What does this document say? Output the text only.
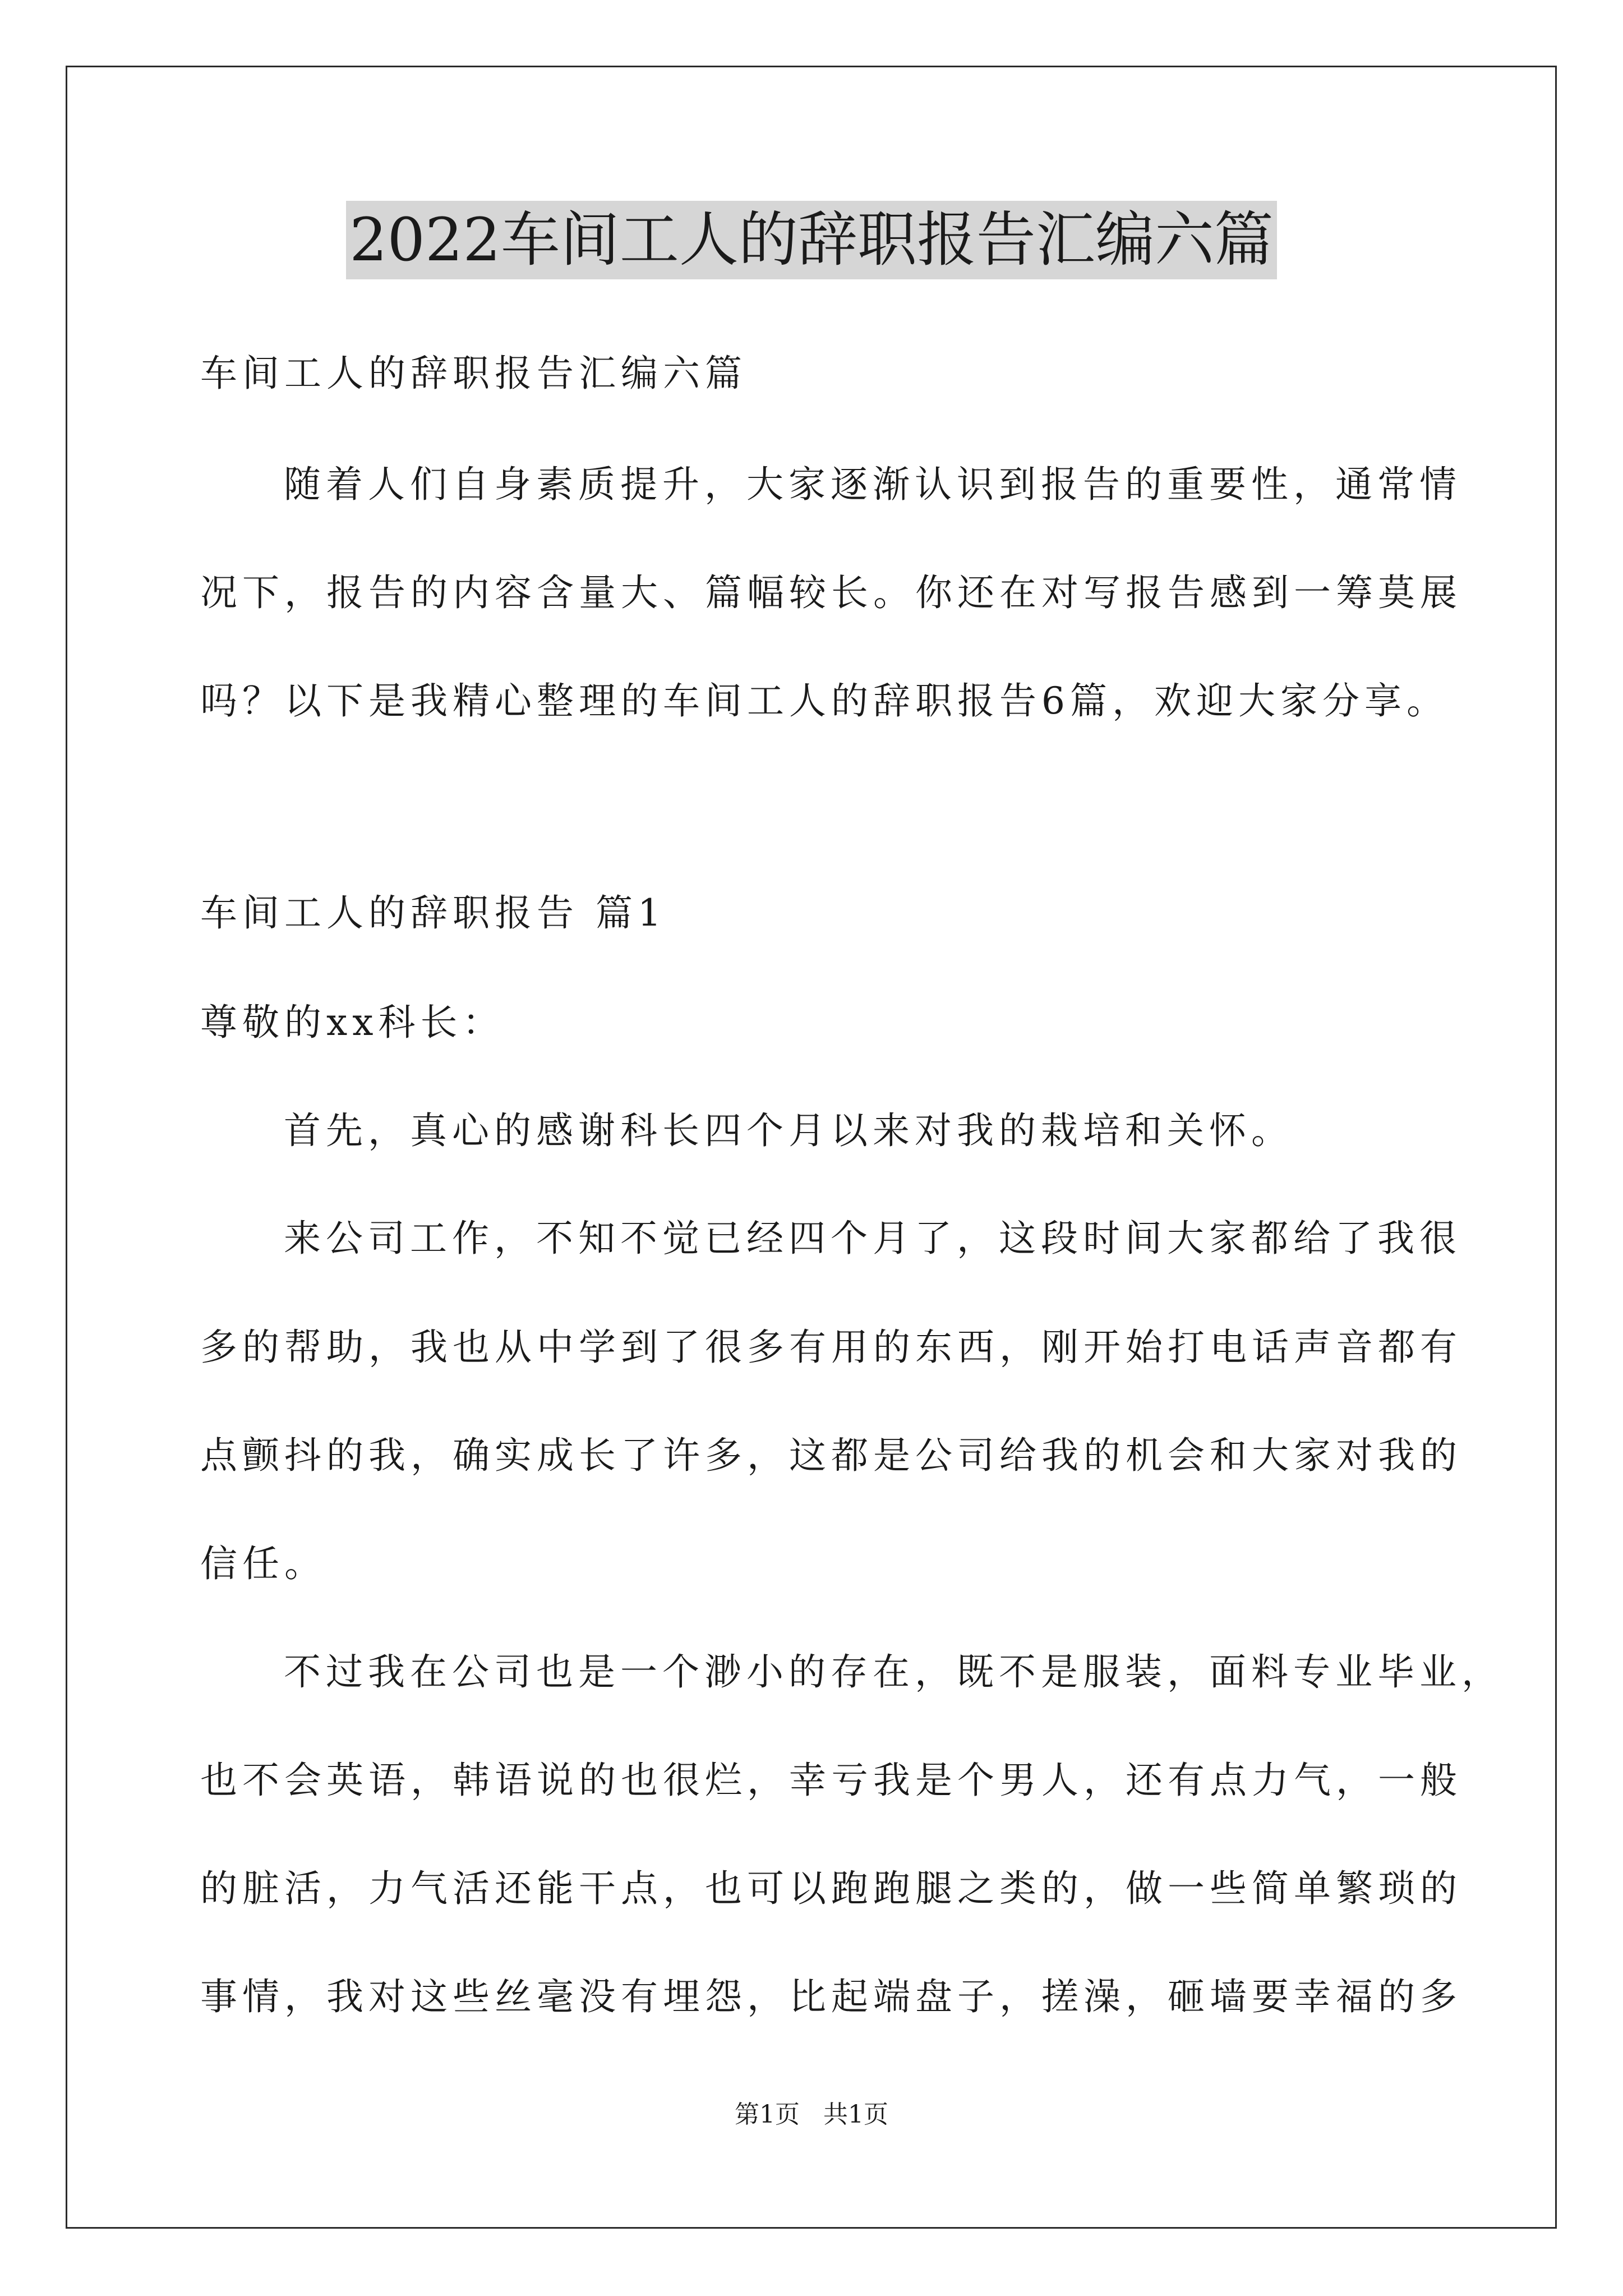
2022车间工人的辞职报告汇编六篇
车间工人的辞职报告汇编六篇
随着人们自身素质提升，大家逐渐认识到报告的重要性，通常情
况下，报告的内容含量大、篇幅较长。你还在对写报告感到一筹莫展
吗？以下是我精心整理的车间工人的辞职报告6篇，欢迎大家分享。
车间工人的辞职报告 篇1
尊敬的xx科长：
首先，真心的感谢科长四个月以来对我的栽培和关怀。
来公司工作，不知不觉已经四个月了，这段时间大家都给了我很
多的帮助，我也从中学到了很多有用的东西，刚开始打电话声音都有
点颤抖的我，确实成长了许多，这都是公司给我的机会和大家对我的
信任。
不过我在公司也是一个渺小的存在，既不是服装，面料专业毕业，
也不会英语，韩语说的也很烂，幸亏我是个男人，还有点力气，一般
的脏活，力气活还能干点，也可以跑跑腿之类的，做一些简单繁琐的
事情，我对这些丝毫没有埋怨，比起端盘子，搓澡，砸墙要幸福的多
第1页   共1页
